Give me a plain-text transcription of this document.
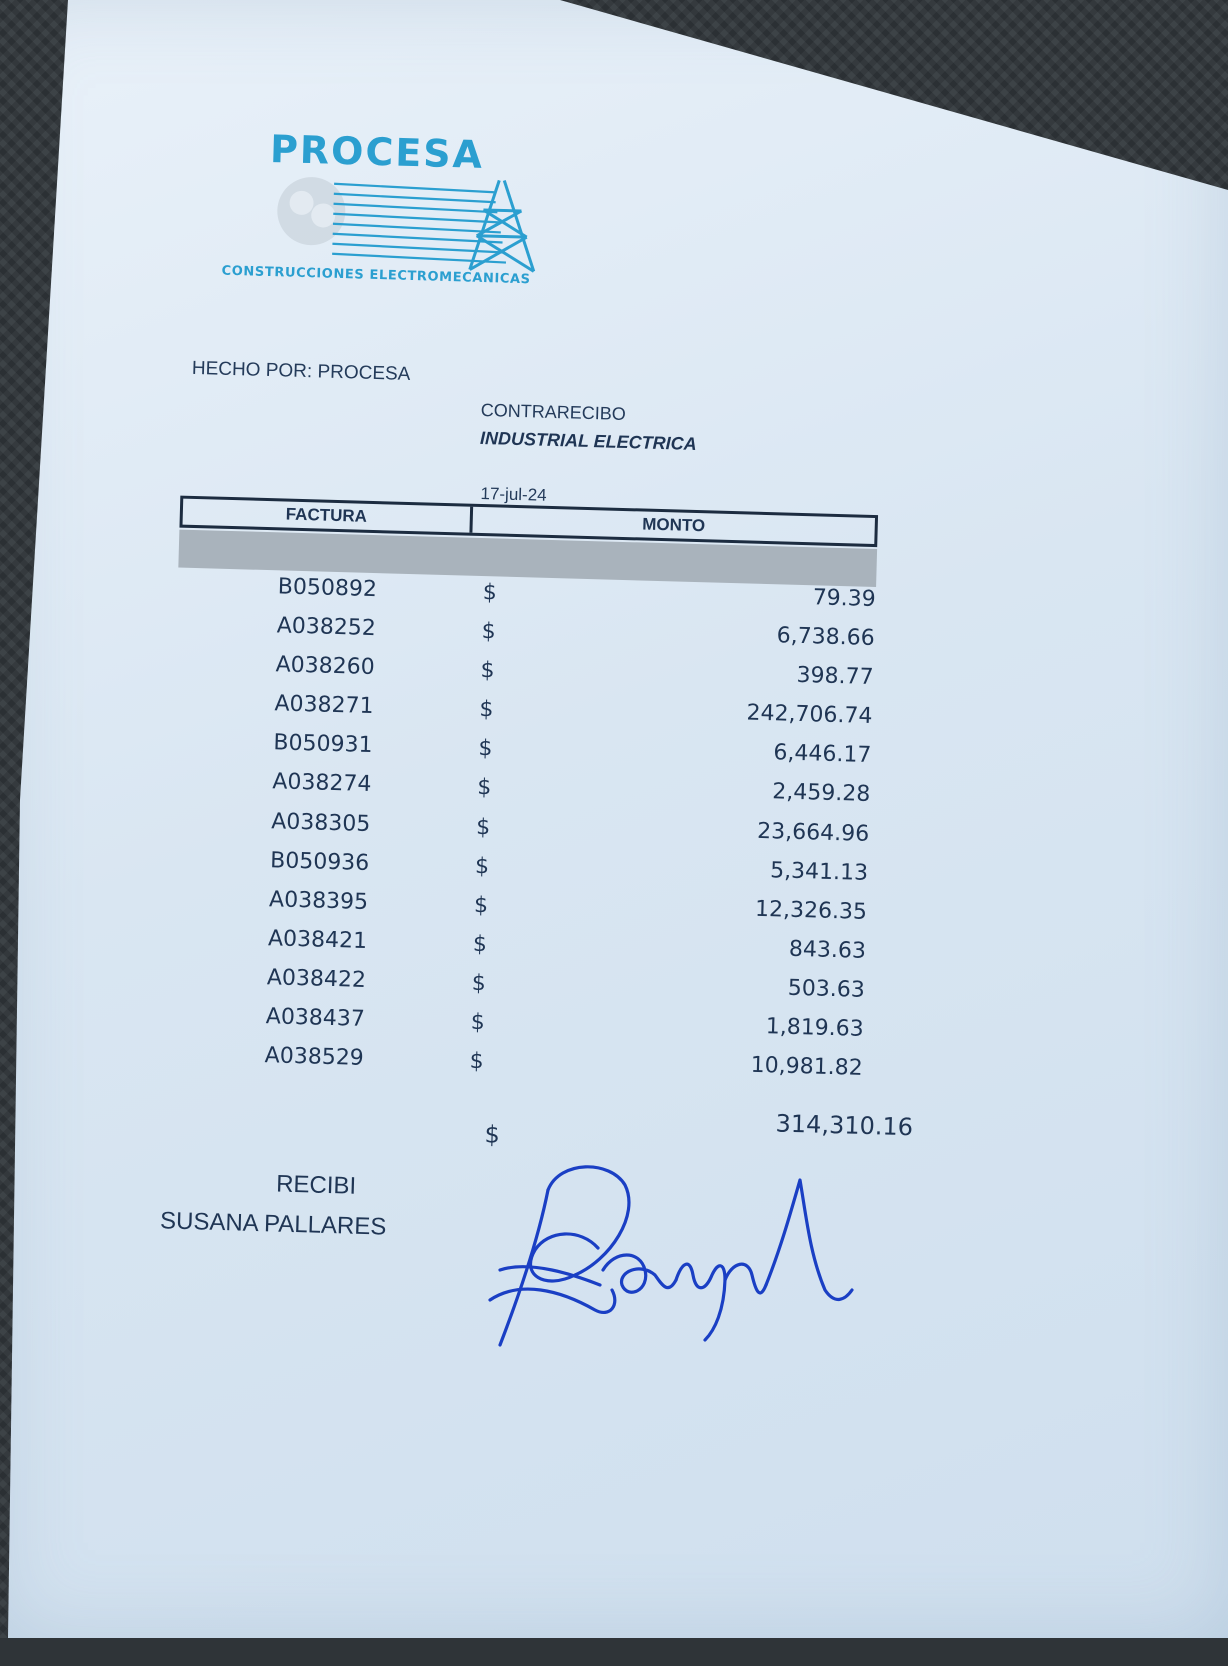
PROCESA
CONSTRUCCIONES ELECTROMECANICAS
HECHO POR: PROCESA
CONTRARECIBO
INDUSTRIAL ELECTRICA
17-jul-24
FACTURA	MONTO
B050892	$	79.39
A038252	$	6,738.66
A038260	$	398.77
A038271	$	242,706.74
B050931	$	6,446.17
A038274	$	2,459.28
A038305	$	23,664.96
B050936	$	5,341.13
A038395	$	12,326.35
A038421	$	843.63
A038422	$	503.63
A038437	$	1,819.63
A038529	$	10,981.82
$	314,310.16
RECIBI
SUSANA PALLARES
